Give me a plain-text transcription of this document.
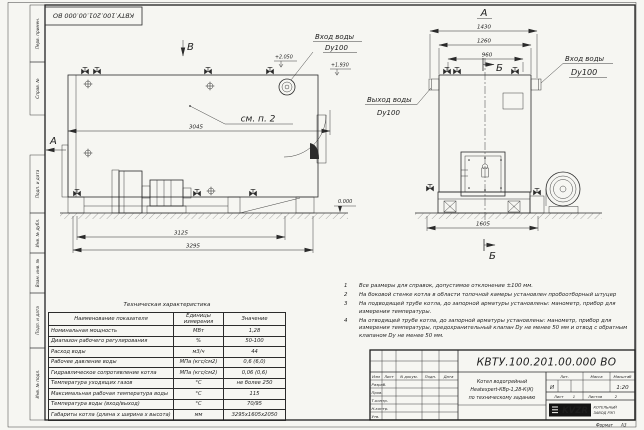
Перв. примен.
Справ. №
Подп. и дата
Инв. № дубл.
Взам. инв. №
Подп. и дата
Инв. № подл.
КВТУ.100.201.00.000 ВО
см. п. 2
3045
0.000
3125
3295
В
А
Вход воды
Dy100
+2.050
+1.930
1430
1260
960
А
Б
Вход воды
Dy100
Выход воды
Dy100
1605
Б
КВТУ.100.201.00.000 ВО
Изм Лист N докум. Подп. Дата
Разраб.
Пров.
Т.контр.
Н.контр.
Утв.
Котел водогрейный
Heatexpert-КВр-1,28-К(К)
по техническому заданию
Лит.	Масса	Масштаб
И	1:20
Лист 1	Листов	2
KVZR КОТЕЛЬНЫЙ
ЗАВОД РЭП
Формат А3
1	Все размеры для справок, допустимое отклонение ±100 мм.
2	На боковой стенке котла в области топочной камеры установлен пробоотборный штуцер
3	На подводящей трубе котла, до запорной арматуры установлены: манометр, прибор для измерения температуры.
4	На отводящей трубе котла, до запорной арматуры установлены: манометр, прибор для измерения температуры, предохранительный клапан Dу не менее 50 мм и отвод с обратным клапаном Dу не менее 50 мм.
Техническая характеристика
Наименование показателя	Единицы измерения	Значение
Номинальная мощность	МВт	1,28
Диапазон рабочего регулирования	%	50-100
Расход воды	м3/ч	44
Рабочее давление воды	МПа (кгс/см2)	0,6 (6,0)
Гидравлическое сопротивление котла	МПа (кгс/см2)	0,06 (0,6)
Температура уходящих газов	°С	не более 250
Максимальная рабочая температура воды	°С	115
Температура воды (вход/выход)	°С	70/95
Габариты котла (длина х ширина х высота)	мм	3295х1605х2050
